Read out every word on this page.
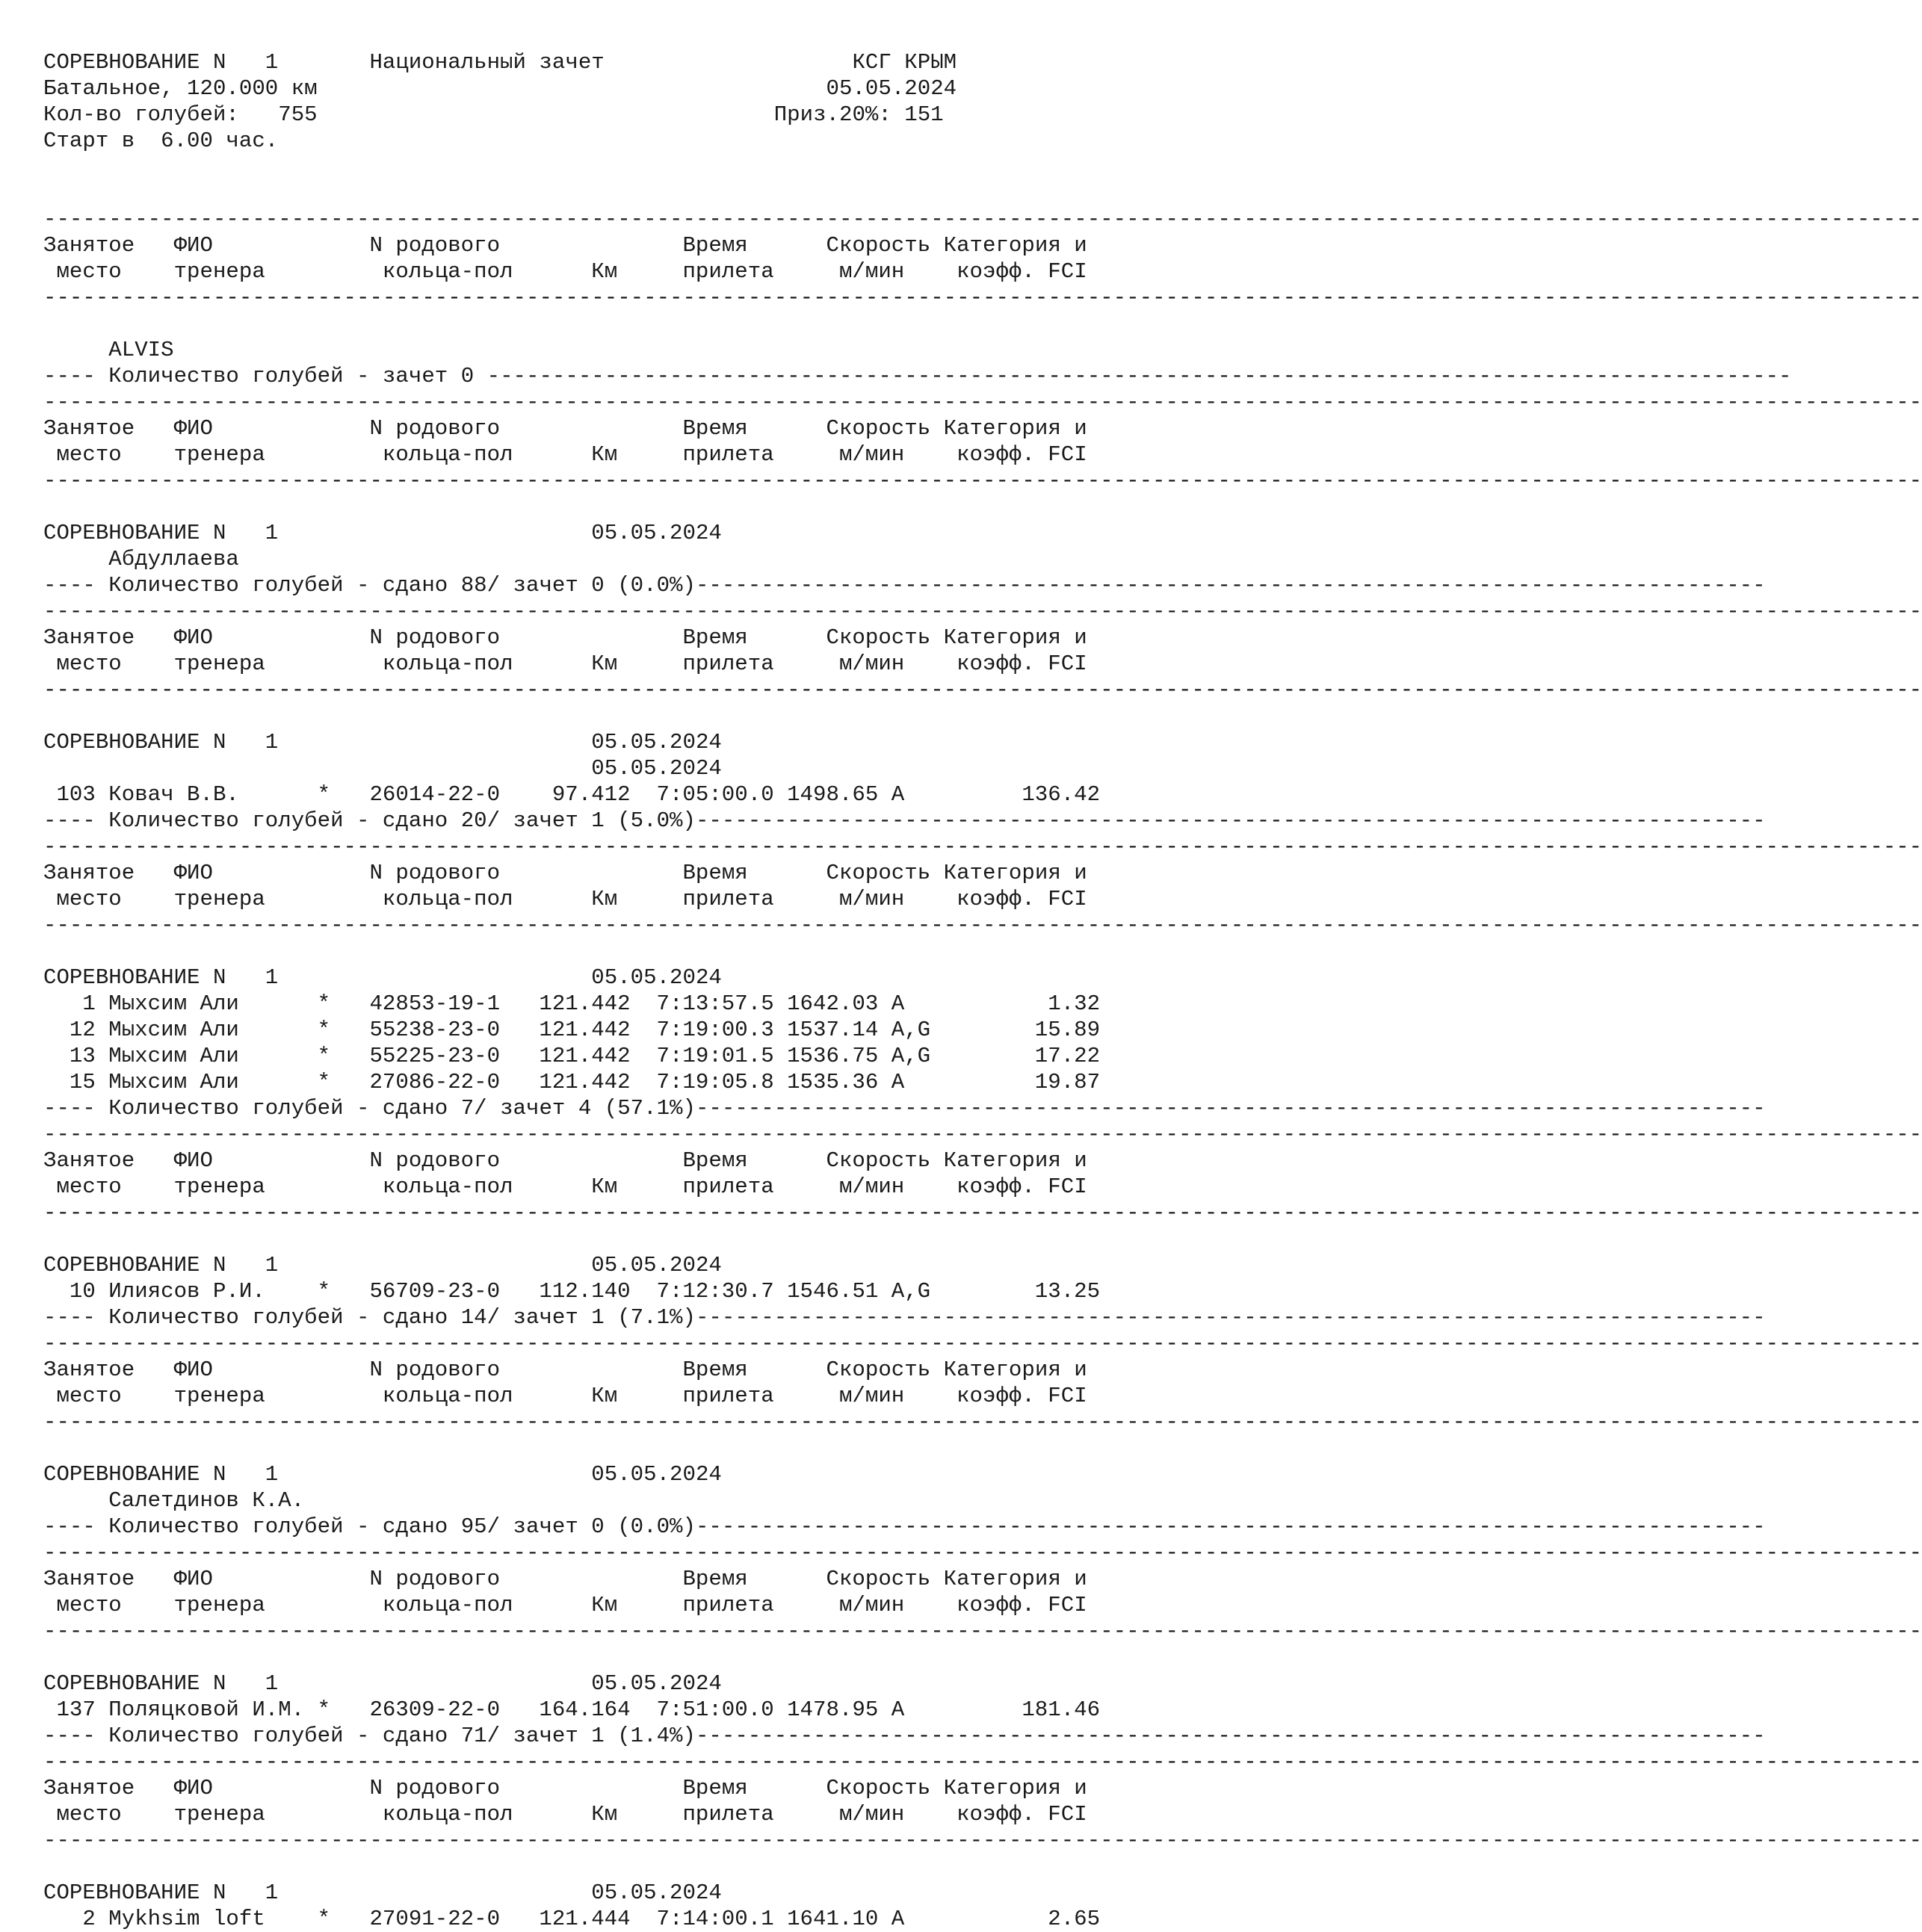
СОРЕВНОВАНИЕ N   1	Национальный зачет	КСГ КРЫМ
Батальное, 120.000 км	05.05.2024
Кол-во голубей: 755	Приз.20%: 151
Старт в  6.00 час.
------------------------------------------------------------------------------------------------------------------------------------------------
Занятое ФИО	N родового	Время	Скорость Категория и
место тренера	кольца-пол	Км	прилета	м/мин коэфф. FCI
------------------------------------------------------------------------------------------------------------------------------------------------
ALVIS
---- Количество голубей - зачет 0 ----------------------------------------------------------------------------------------------------
------------------------------------------------------------------------------------------------------------------------------------------------
Занятое ФИО	N родового	Время	Скорость Категория и
место тренера	кольца-пол	Км	прилета	м/мин коэфф. FCI
------------------------------------------------------------------------------------------------------------------------------------------------
СОРЕВНОВАНИЕ N   1	05.05.2024
Абдуллаева
---- Количество голубей - сдано 88/ зачет 0 (0.0%)----------------------------------------------------------------------------------
------------------------------------------------------------------------------------------------------------------------------------------------
Занятое ФИО	N родового	Время	Скорость Категория и
место тренера	кольца-пол	Км	прилета	м/мин коэфф. FCI
------------------------------------------------------------------------------------------------------------------------------------------------
СОРЕВНОВАНИЕ N   1	05.05.2024
05.05.2024
103 Ковач В.В.	* 26014-22-0 97.412 7:05:00.0 1498.65 A	136.42
---- Количество голубей - сдано 20/ зачет 1 (5.0%)----------------------------------------------------------------------------------
------------------------------------------------------------------------------------------------------------------------------------------------
Занятое ФИО	N родового	Время	Скорость Категория и
место тренера	кольца-пол	Км	прилета	м/мин коэфф. FCI
------------------------------------------------------------------------------------------------------------------------------------------------
СОРЕВНОВАНИЕ N   1	05.05.2024
1 Мыхсим Али	* 42853-19-1 121.442 7:13:57.5 1642.03 A	1.32
12 Мыхсим Али	* 55238-23-0 121.442 7:19:00.3 1537.14 A,G	15.89
13 Мыхсим Али	* 55225-23-0 121.442 7:19:01.5 1536.75 A,G	17.22
15 Мыхсим Али	* 27086-22-0 121.442 7:19:05.8 1535.36 A	19.87
---- Количество голубей - сдано 7/ зачет 4 (57.1%)----------------------------------------------------------------------------------
------------------------------------------------------------------------------------------------------------------------------------------------
Занятое ФИО	N родового	Время	Скорость Категория и
место тренера	кольца-пол	Км	прилета	м/мин коэфф. FCI
------------------------------------------------------------------------------------------------------------------------------------------------
СОРЕВНОВАНИЕ N   1	05.05.2024
10 Илиясов Р.И. * 56709-23-0 112.140 7:12:30.7 1546.51 A,G	13.25
---- Количество голубей - сдано 14/ зачет 1 (7.1%)----------------------------------------------------------------------------------
------------------------------------------------------------------------------------------------------------------------------------------------
Занятое ФИО	N родового	Время	Скорость Категория и
место тренера	кольца-пол	Км	прилета	м/мин коэфф. FCI
------------------------------------------------------------------------------------------------------------------------------------------------
СОРЕВНОВАНИЕ N   1	05.05.2024
Салетдинов К.А.
---- Количество голубей - сдано 95/ зачет 0 (0.0%)----------------------------------------------------------------------------------
------------------------------------------------------------------------------------------------------------------------------------------------
Занятое ФИО	N родового	Время	Скорость Категория и
место тренера	кольца-пол	Км	прилета	м/мин коэфф. FCI
------------------------------------------------------------------------------------------------------------------------------------------------
СОРЕВНОВАНИЕ N   1	05.05.2024
137 Поляцковой И.М. * 26309-22-0 164.164 7:51:00.0 1478.95 A	181.46
---- Количество голубей - сдано 71/ зачет 1 (1.4%)----------------------------------------------------------------------------------
------------------------------------------------------------------------------------------------------------------------------------------------
Занятое ФИО	N родового	Время	Скорость Категория и
место тренера	кольца-пол	Км	прилета	м/мин коэфф. FCI
------------------------------------------------------------------------------------------------------------------------------------------------
СОРЕВНОВАНИЕ N   1	05.05.2024
2 Mykhsim loft * 27091-22-0 121.444 7:14:00.1 1641.10 A	2.65
